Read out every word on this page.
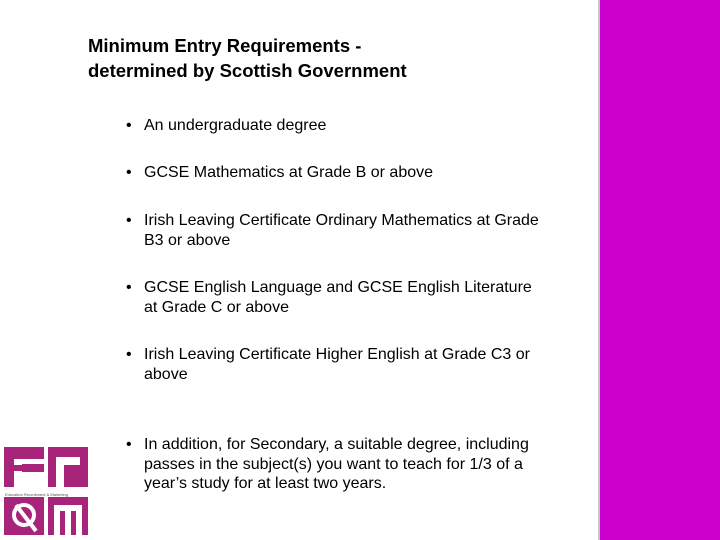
Minimum Entry Requirements -
determined by Scottish Government
• An undergraduate degree
• GCSE Mathematics at Grade B or above
• Irish Leaving Certificate Ordinary Mathematics at Grade B3 or above
• GCSE English Language and GCSE English Literature at Grade C or above
• Irish Leaving Certificate Higher English at Grade C3 or above
• In addition, for Secondary, a suitable degree, including passes in the subject(s) you want to teach for 1/3 of a year’s study for at least two years.
Education Recruitment & Marketing
